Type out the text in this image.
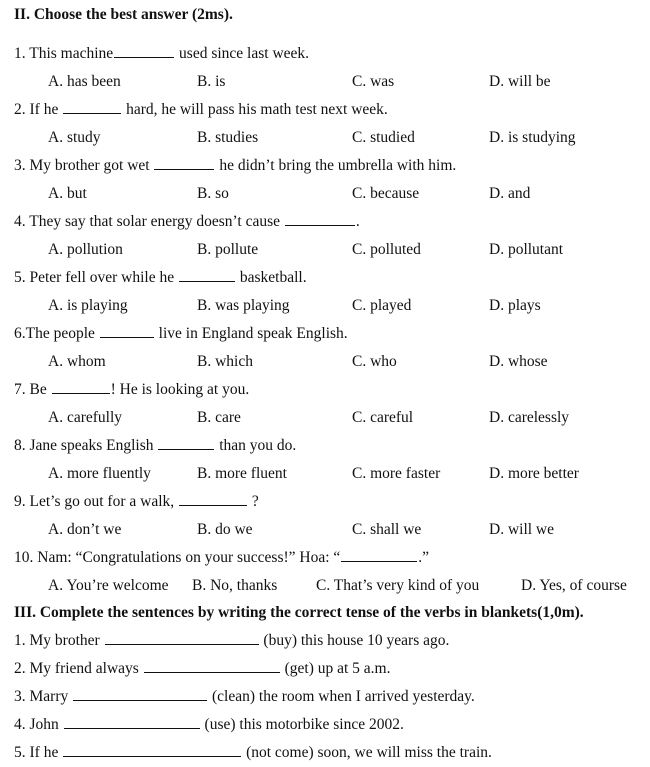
II. Choose the best answer (2ms).
1. This machine	used since last week.
A. has been	B. is	C. was	D. will be
2. If he	hard, he will pass his math test next week.
A. study	B. studies	C. studied	D. is studying
3. My brother got wet	he didn’t bring the umbrella with him.
A. but	B. so	C. because	D. and
4. They say that solar energy doesn’t cause	.
A. pollution	B. pollute	C. polluted	D. pollutant
5. Peter fell over while he	basketball.
A. is playing	B. was playing	C. played	D. plays
6.The people	live in England speak English.
A. whom	B. which	C. who	D. whose
7. Be	! He is looking at you.
A. carefully	B. care	C. careful	D. carelessly
8. Jane speaks English	than you do.
A. more fluently	B. more fluent	C. more faster	D. more better
9. Let’s go out for a walk,	?
A. don’t we	B. do we	C. shall we	D. will we
10. Nam: “Congratulations on your success!” Hoa: “	.”
A. You’re welcome B. No, thanks	C. That’s very kind of you	D. Yes, of course
III. Complete the sentences by writing the correct tense of the verbs in blankets(1,0m).
1. My brother	(buy) this house 10 years ago.
2. My friend always	(get) up at 5 a.m.
3. Marry	(clean) the room when I arrived yesterday.
4. John	(use) this motorbike since 2002.
5. If he	(not come) soon, we will miss the train.
